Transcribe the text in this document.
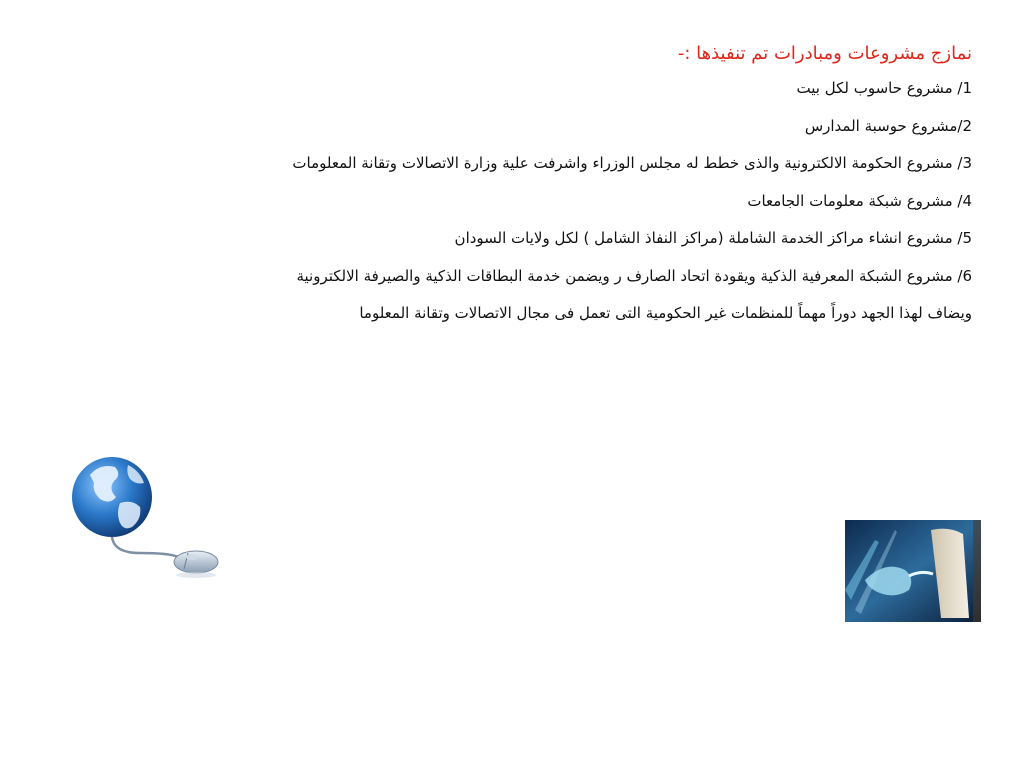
نمازج مشروعات ومبادرات تم تنفيذها :-
1/ مشروع حاسوب لكل بيت
2/مشروع حوسبة المدارس
3/ مشروع الحكومة الالكترونية والذى خطط له مجلس الوزراء واشرفت علية وزارة الاتصالات وتقانة المعلومات
4/ مشروع شبكة معلومات الجامعات
5/ مشروع انشاء مراكز الخدمة الشاملة (مراكز النفاذ الشامل ) لكل ولايات السودان
6/ مشروع الشبكة المعرفية الذكية ويقودة اتحاد الصارف ر ويضمن خدمة البطاقات الذكية والصيرفة الالكترونية
ويضاف لهذا الجهد دوراً مهماً للمنظمات غير الحكومية التى تعمل فى مجال الاتصالات وتقانة المعلوما
